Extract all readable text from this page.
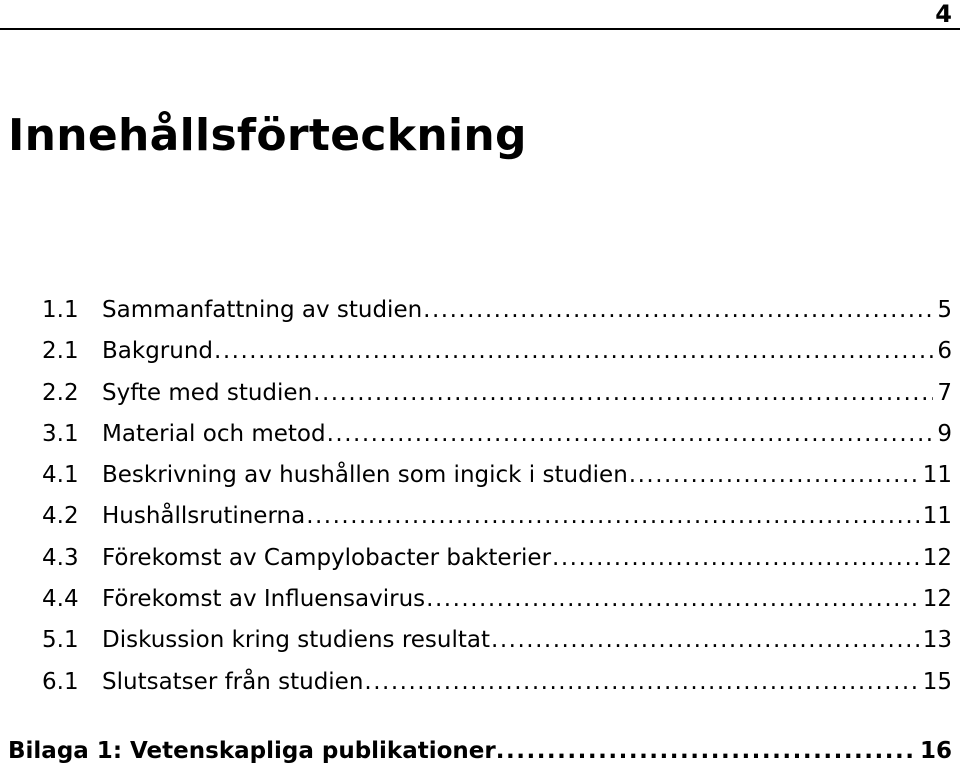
4
Innehållsförteckning
1.1	Sammanfattning av studien .....	5
2.1	Bakgrund .....	6
2.2	Syfte med studien .....	7
3.1	Material och metod .....	9
4.1	Beskrivning av hushållen som ingick i studien .....	11
4.2	Hushållsrutinerna .....	11
4.3	Förekomst av Campylobacter bakterier .....	12
4.4	Förekomst av Influensavirus .....	12
5.1	Diskussion kring studiens resultat .....	13
6.1	Slutsatser från studien .....	15
Bilaga 1: Vetenskapliga publikationer .....	16
